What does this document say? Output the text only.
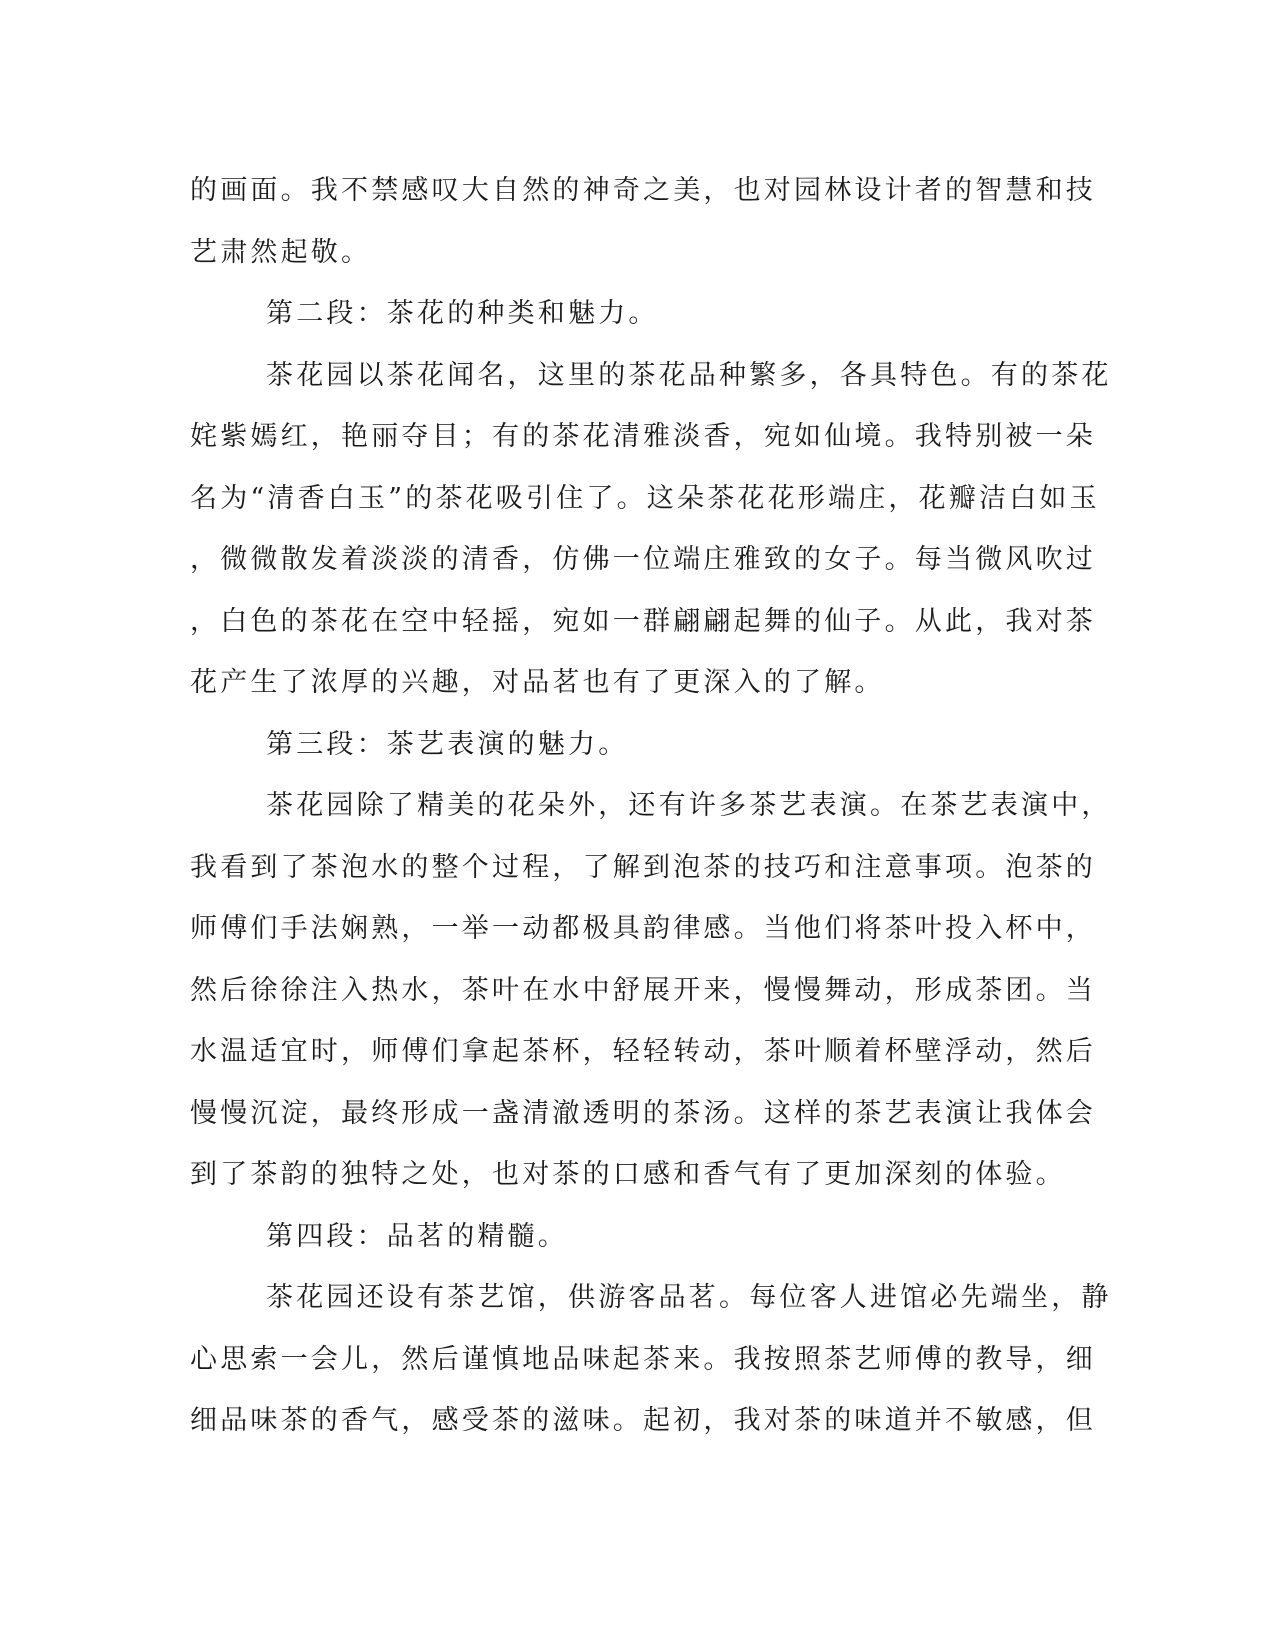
的画面。我不禁感叹大自然的神奇之美，也对园林设计者的智慧和技
艺肃然起敬。
第二段：茶花的种类和魅力。
茶花园以茶花闻名，这里的茶花品种繁多，各具特色。有的茶花
姹紫嫣红，艳丽夺目；有的茶花清雅淡香，宛如仙境。我特别被一朵
名为“清香白玉”的茶花吸引住了。这朵茶花花形端庄，花瓣洁白如玉
，微微散发着淡淡的清香，仿佛一位端庄雅致的女子。每当微风吹过
，白色的茶花在空中轻摇，宛如一群翩翩起舞的仙子。从此，我对茶
花产生了浓厚的兴趣，对品茗也有了更深入的了解。
第三段：茶艺表演的魅力。
茶花园除了精美的花朵外，还有许多茶艺表演。在茶艺表演中，
我看到了茶泡水的整个过程，了解到泡茶的技巧和注意事项。泡茶的
师傅们手法娴熟，一举一动都极具韵律感。当他们将茶叶投入杯中，
然后徐徐注入热水，茶叶在水中舒展开来，慢慢舞动，形成茶团。当
水温适宜时，师傅们拿起茶杯，轻轻转动，茶叶顺着杯壁浮动，然后
慢慢沉淀，最终形成一盏清澈透明的茶汤。这样的茶艺表演让我体会
到了茶韵的独特之处，也对茶的口感和香气有了更加深刻的体验。
第四段：品茗的精髓。
茶花园还设有茶艺馆，供游客品茗。每位客人进馆必先端坐，静
心思索一会儿，然后谨慎地品味起茶来。我按照茶艺师傅的教导，细
细品味茶的香气，感受茶的滋味。起初，我对茶的味道并不敏感，但
